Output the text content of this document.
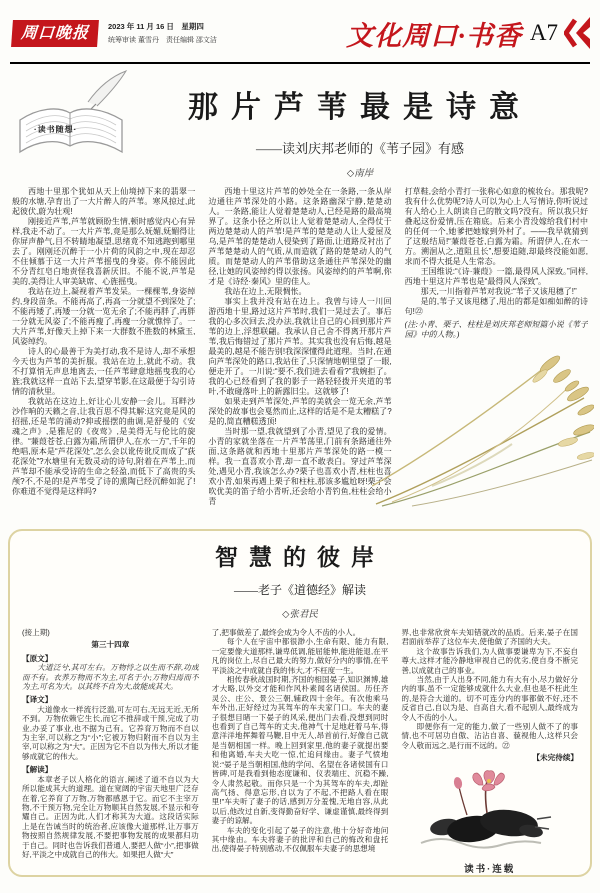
周口晚报	2023 年 11 月 16 日　星期四
统筹审读 董雪丹　责任编辑 邵文洁	文化周口·书香 A7
·读书随想·
那片芦苇最是诗意
——读刘庆邦老师的《苇子园》有感
◇南岸

西地十里那个犹如从天上仙境掉下来的翡翠一般的水塘,孕育出了一大片醉人的芦苇。寒风掠过,此起彼伏,蔚为壮观!

刚接近芦苇,芦苇就顾盼生情,顿时感觉内心有异样,我走不动了。一大片芦苇,竟是那么妩媚,妩媚得让你屏声静气,目不转睛地凝望,思绪竟不知逃跑到哪里去了。刚刚还沉醉于一小片荷的风韵之中,现在却忍不住倾慕于这一大片芦苇摇曳的身姿。你不能因此不分青红皂白地责怪我喜新厌旧。不能不说,芦苇是美的,美得让人审美缺席、心旌摇曳。

我站在边上,凝视着芦苇发呆。一棵棵苇,身姿绰约,身段苗条。不能再高了,再高一分就望不到深处了;不能再矮了,再矮一分就一览无余了;不能再胖了,再胖一分就无风姿了;不能再瘦了,再瘦一分就憔悴了。一大片芦苇,好像天上掉下来一大群数不胜数的林黛玉,风姿绰约。

诗人的心最善于为美打动,我不是诗人,却不承想今天也为芦苇的美折服。我站在边上,就此不动。我不打算悄无声息地离去,一任芦苇肆意地摇曳我的心旌;我就这样一直站下去,望穿苇影,在这最便于勾引诗情的清秋里。

我就站在这边上,好让心儿安静一会儿。耳畔沙沙作响的天籁之音,让我百思不得其解:这究竟是风的招摇,还是苇的涌动?抑或摇摆的曲调,是舒曼的《安魂之声》,是雅尼的《夜莺》,是美得无与伦比的旋律。“蒹葭苍苍,白露为霜,所谓伊人,在水一方”,千年的绝唱,原本是“芦花深处”,怎么会以讹传讹反而成了“荻花深处”?水塘里有无数灵动的诗句,附着在芦苇上,而芦苇却不能承受诗的生命之轻盈,而低下了高贵的头颅?不,不是的!是芦苇受了诗的熏陶已经沉醉如泥了!你难道不觉得是这样吗?

西地十里这片芦苇的妙处全在一条路,一条从岸边通往芦苇深处的小路。这条路幽深宁静,楚楚动人。一条路,能让人觉着楚楚动人,已经是路的最高境界了。这条小径之所以让人觉着楚楚动人,全得仗于两边楚楚动人的芦苇!是芦苇的楚楚动人让人爱屋及乌,是芦苇的楚楚动人侵染到了路面,让道路反衬出了芦苇楚楚动人的气质,从而造就了路的楚楚动人的气质。而楚楚动人的芦苇借助这条通往芦苇深处的幽径,让她的风姿绰约得以张扬。风姿绰约的芦苇啊,你才是《诗经·秦风》里的佳人。

我站在边上,无限惆怅。

事实上我并没有站在边上。我曾与诗人一川回游西地十里,路过这片芦苇时,我们一晃过去了。事后我的心多次回去,没办法,我就让自己的心回到那片芦苇的边上,浮想联翩。我承认自己舍不得离开那片芦苇,我后悔错过了那片芦苇。其实我也没有后悔,越是最美的,越是不能告别!我深深懂得此道理。当时,在通向芦苇深处的路口,我站住了,只深情地朝里望了一眼,便走开了。一川说:“要不,我们进去看看?”我婉拒了。我的心已经看到了我的影子一路轻轻拨开夹道的苇叶,不敢碰落叶上的新露旧尘。这就够了!

如果走到芦苇深处,芦苇的美就会一览无余,芦苇深处的故事也会戛然而止,这样的话是不是太糟糕了?是的,简直糟糕透顶!

当时那一望,我就望到了小青,望见了我的爱情。小青的家就坐落在一片芦苇荡里,门前有条路通往外面,这条路就和西地十里那片芦苇深处的路一模一样。我一直喜欢小青,却一直不敢表白。穿过芦苇深处,遇见小青,我该怎么办?栗子也喜欢小青,柱柱也喜欢小青,如果再遇上栗子和柱柱,那该多尴尬呀!栗子会吹优美的笛子给小青听,还会给小青钓鱼,柱柱会给小青

打草鞋,会给小青打一张称心如意的梳妆台。那我呢?我有什么优势呢?诗人可以为心上人写情诗,你听说过有人给心上人朗读自己的散文吗?没有。所以我只好叠起这份爱情,压在箱底。后来小青没嫁给我们村中的任何一个,她爹把她嫁到外村了。——我早就猜到了这般结局!“蒹葭苍苍,白露为霜。所谓伊人,在水一方。溯洄从之,道阻且长”,想要追随,却最终没能如愿,求而不得大抵是人生常态。

王国维说:“《诗·蒹葭》一篇,最得风人深致。”同样,西地十里这片芦苇也是“最得风人深致”。

那天,一川指着芦苇对我说:“苇子又该甩穗了!”

是的,苇子又该甩穗了,甩出的都是如痴如醉的诗句!㉒

(注:小青、栗子、柱柱是刘庆邦老师短篇小说《苇子园》中的人物。)

智慧的彼岸
——老子《道德经》解读
◇张君民

(接上期)

第三十四章

【原文】

大道泛兮,其可左右。万物恃之以生而不辞,功成而不有。衣养万物而不为主,可名于小;万物归焉而不为主,可名为大。以其终不自为大,故能成其大。

【译文】

大道像水一样流行泛滥,可左可右,无远无近,无所不到。万物依赖它生长,而它不推辞或干预,完成了功业,办妥了事业,也不据为己有。它养育万物而不自以为主宰,可以称之为“小”;它被万物归附而不自以为主宰,可以称之为“大”。正因为它不自以为伟大,所以才能够成就它的伟大。

【解读】

本章老子以人格化的语言,阐述了道不自以为大所以能成其大的道理。道在宽阔的宇宙天地里广泛存在着,它养育了万物,万物都感恩于它。而它不主宰万物,不干预万物,完全让万物顺其自然发展,不显示和夸耀自己。正因为此,人们才称其为大道。这段话实际上是在告诫当时的统治者,应该像大道那样,让万事万物按照自然规律发展,不要把事物发展的成果都归功于自己。同时也告诉我们普通人,要把人做“小”,把事做好,平淡之中成就自己的伟大。如果把人做“大”

了,把事做差了,最终会成为令人不齿的小人。

每个人在宇宙中都很渺小,生命有限、能力有限,一定要像大道那样,谦卑低调,能屈能伸,能进能退,在平凡的岗位上,尽自己最大的努力,做好分内的事情,在平平淡淡之中成就自我的伟大,才不枉度一生。

相传春秋战国时期,齐国的相国晏子,知识渊博,雄才大略,以外交才能和作风朴素闻名诸侯国。历任齐灵公、庄公、景公三朝,辅政四十余年。有次他乘马车外出,正好经过为其驾车的车夫家门口。车夫的妻子很想目睹一下晏子的风采,便出门去看,没想到同时也看到了自己驾车的丈夫,他神气十足地赶着马车,得意洋洋地挥舞着马鞭,目中无人,昂首前行,好像自己就是当朝相国一样。晚上回到家里,他的妻子就提出要和他离婚,车夫大吃一惊,忙追问缘由。妻子气愤地说:“晏子是当朝相国,他的学问、名望在各诸侯国有口皆碑,可是我看到他态度谦和、仪表端庄、沉稳不躁,令人肃然起敬。而你只是一个为其驾车的车夫,却趾高气扬、得意忘形,自以为了不起,不把路人看在眼里!”车夫听了妻子的话,感到万分羞愧,无地自容,从此以后,他改过自新,变得勤奋好学、谦虚谨慎,最终得到妻子的谅解。

车夫的变化引起了晏子的注意,他十分好奇地问其中缘由。车夫将妻子的批评和自己的悔改和盘托出,使得晏子特别感动,不仅佩服车夫妻子的思想境

界,也非常欣赏车夫知错就改的品质。后来,晏子在国君面前举荐了这位车夫,使他做了齐国的大夫。

这个故事告诉我们,为人做事要谦卑为下,不妄自尊大,这样才能冷静地审视自己的优劣,使自身不断完善,以成就自己的事业。

当然,由于人出身不同,能力有大有小,尽力做好分内的事,虽不一定能够成就什么大业,但也是不枉此生的,是符合大道的。切不可连分内的事都做不好,还不反省自己,自以为是、自高自大,看不起别人,最终成为令人不齿的小人。

即便你有一定的能力,做了一些别人做不了的事情,也不可居功自傲、沾沾自喜、藐视他人,这样只会令人敬而远之,是行而不远的。㉒

【未完待续】

读书·连载
